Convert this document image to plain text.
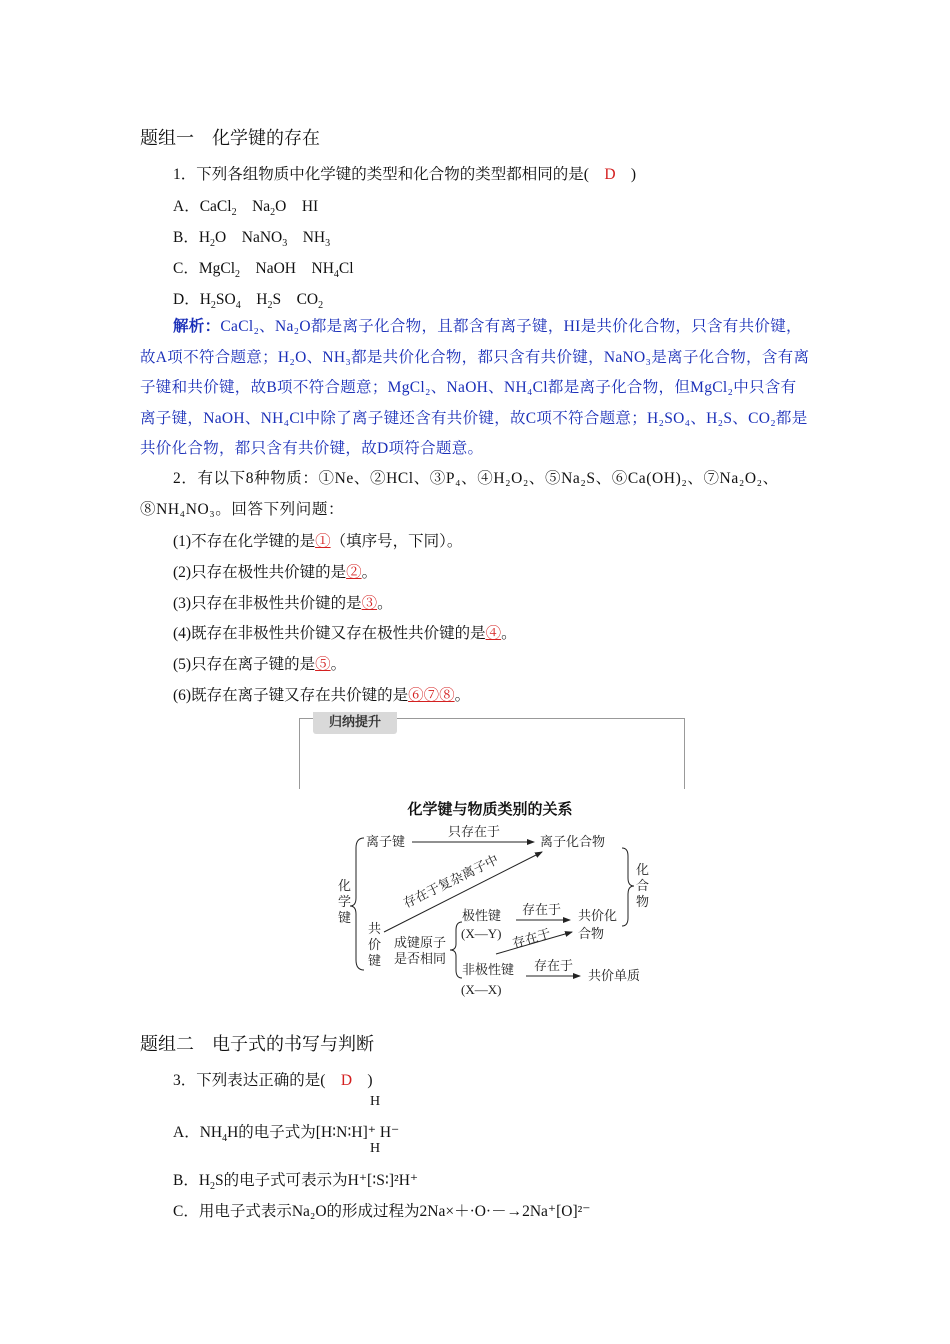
题组一　化学键的存在
1．下列各组物质中化学键的类型和化合物的类型都相同的是( D )
A．CaCl$_2$ $Na_2O$ HI
B．$H_2O$ NaNO$_3$ $NH_3$
C．MgCl$_2$ NaOH $NH_4Cl$
D．$H_2SO_4$ $H_2S$ $CO_2$
解析：CaCl₂、Na₂O都是离子化合物，且都含有离子键，HI是共价化合物，只含有共价键，故A项不符合题意；H₂O、NH₃都是共价化合物，都只含有共价键，NaNO₃是离子化合物，含有离子键和共价键，故B项不符合题意；MgCl₂、NaOH、NH₄Cl都是离子化合物，但MgCl₂中只含有离子键，NaOH、NH₄Cl中除了离子键还含有共价键，故C项不符合题意；H₂SO₄、H₂S、CO₂都是共价化合物，都只含有共价键，故D项符合题意。
2．有以下8种物质：①Ne、②HCl、③P₄、④H₂O₂、⑤Na₂S、⑥Ca(OH)₂、⑦Na₂O₂、⑧NH₄NO₃。回答下列问题：
(1)不存在化学键的是①（填序号，下同）。
(2)只存在极性共价键的是②。
(3)只存在非极性共价键的是③。
(4)既存在非极性共价键又存在极性共价键的是④。
(5)只存在离子键的是⑤。
(6)既存在离子键又存在共价键的是⑥⑦⑧。
归纳提升
化学键与物质类别的关系
化
学
键
离子键
只存在于
离子化合物
化
合
物
存在于复杂离子中
共
价
键
成键原子
是否相同
极性键
(X—Y)
存在于 共价化
合物
存在于
非极性键
(X—X)
存在于
共价单质
题组二　电子式的书写与判断
3．下列表达正确的是( D )
H
H
A．$NH_4H$的电子式为[H∶N∶H]⁺ H⁻
B．$H_2S$的电子式可表示为H⁺[∶S∶]²H⁺
C．用电子式表示Na₂O的形成过程为2Na×＋·O·－→2Na⁺[O]²⁻
